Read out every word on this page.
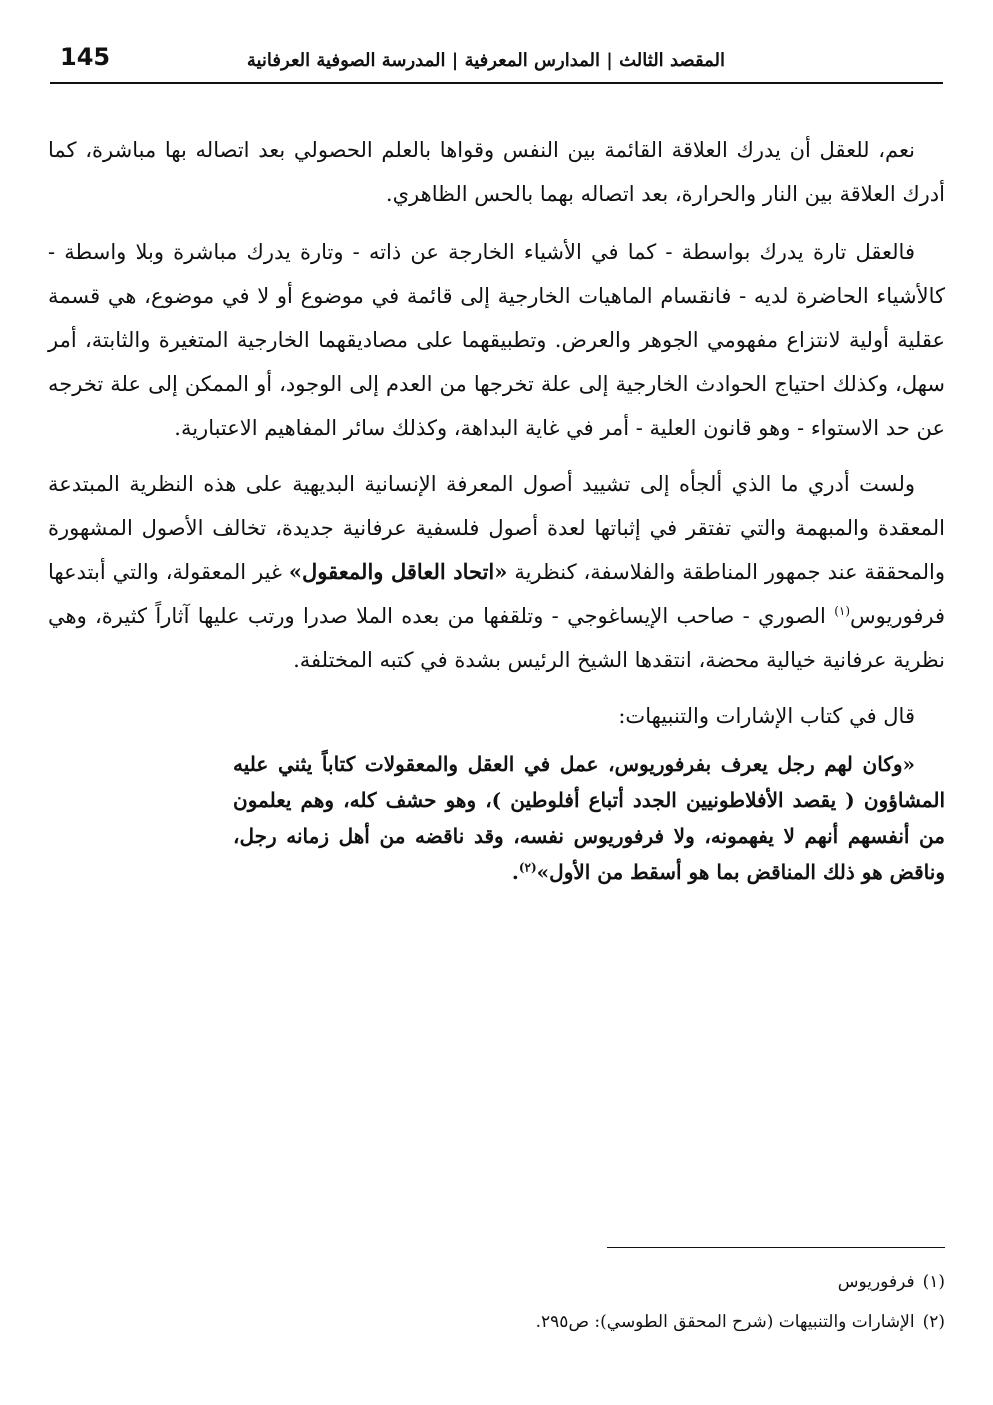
145	المقصد الثالث | المدارس المعرفية | المدرسة الصوفية العرفانية

نعم، للعقل أن يدرك العلاقة القائمة بين النفس وقواها بالعلم الحصولي بعد اتصاله بها مباشرة، كما أدرك العلاقة بين النار والحرارة، بعد اتصاله بهما بالحس الظاهري.

فالعقل تارة يدرك بواسطة - كما في الأشياء الخارجة عن ذاته - وتارة يدرك مباشرة وبلا واسطة - كالأشياء الحاضرة لديه - فانقسام الماهيات الخارجية إلى قائمة في موضوع أو لا في موضوع، هي قسمة عقلية أولية لانتزاع مفهومي الجوهر والعرض. وتطبيقهما على مصاديقهما الخارجية المتغيرة والثابتة، أمر سهل، وكذلك احتياج الحوادث الخارجية إلى علة تخرجها من العدم إلى الوجود، أو الممكن إلى علة تخرجه عن حد الاستواء - وهو قانون العلية - أمر في غاية البداهة، وكذلك سائر المفاهيم الاعتبارية.

ولست أدري ما الذي ألجأه إلى تشييد أصول المعرفة الإنسانية البديهية على هذه النظرية المبتدعة المعقدة والمبهمة والتي تفتقر في إثباتها لعدة أصول فلسفية عرفانية جديدة، تخالف الأصول المشهورة والمحققة عند جمهور المناطقة والفلاسفة، كنظرية «اتحاد العاقل والمعقول» غير المعقولة، والتي أبتدعها فرفوريوس$^{(١)}$ الصوري - صاحب الإيساغوجي - وتلقفها من بعده الملا صدرا ورتب عليها آثاراً كثيرة، وهي نظرية عرفانية خيالية محضة، انتقدها الشيخ الرئيس بشدة في كتبه المختلفة.

قال في كتاب الإشارات والتنبيهات:

«وكان لهم رجل يعرف بفرفوريوس، عمل في العقل والمعقولات كتاباً يثني عليه المشاؤون ( يقصد الأفلاطونيين الجدد أتباع أفلوطين )، وهو حشف كله، وهم يعلمون من أنفسهم أنهم لا يفهمونه، ولا فرفوريوس نفسه، وقد ناقضه من أهل زمانه رجل، وناقض هو ذلك المناقض بما هو أسقط من الأول»$^{(٢)}$.

(١)
فرفوريوس
(٢)
الإشارات والتنبيهات (شرح المحقق الطوسي): ص٢٩٥.
